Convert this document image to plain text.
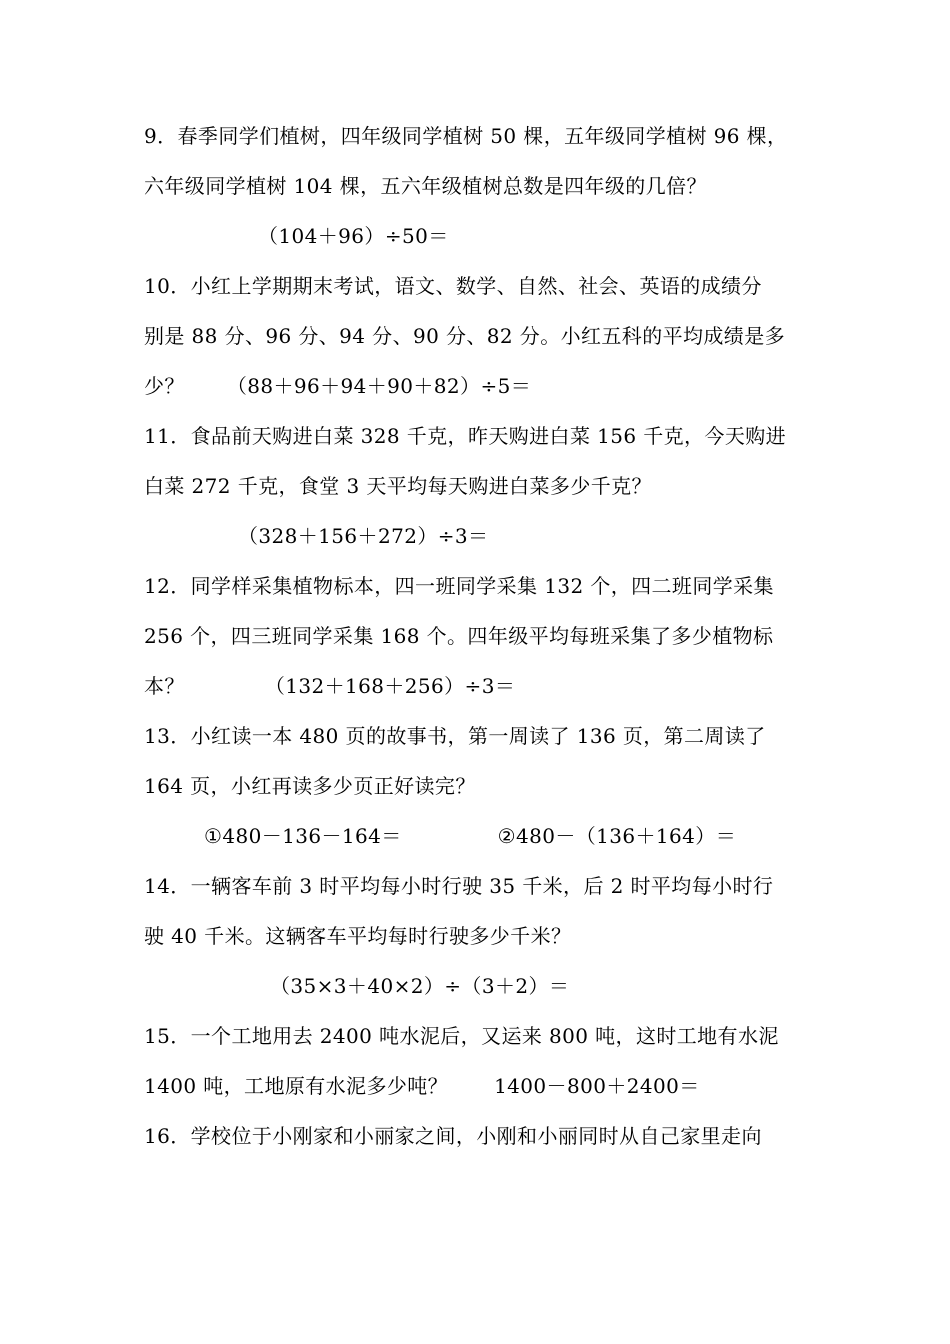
9．春季同学们植树，四年级同学植树 50 棵，五年级同学植树 96 棵，
六年级同学植树 104 棵，五六年级植树总数是四年级的几倍？
（104＋96）÷50＝
10．小红上学期期末考试，语文、数学、自然、社会、英语的成绩分
别是 88 分、96 分、94 分、90 分、82 分。小红五科的平均成绩是多
少？ （88＋96＋94＋90＋82）÷5＝
11．食品前天购进白菜 328 千克，昨天购进白菜 156 千克，今天购进
白菜 272 千克，食堂 3 天平均每天购进白菜多少千克？
（328＋156＋272）÷3＝
12．同学样采集植物标本，四一班同学采集 132 个，四二班同学采集
256 个，四三班同学采集 168 个。四年级平均每班采集了多少植物标
本？	（132＋168＋256）÷3＝
13．小红读一本 480 页的故事书，第一周读了 136 页，第二周读了
164 页，小红再读多少页正好读完？
①480－136－164＝	②480－（136＋164）＝
14．一辆客车前 3 时平均每小时行驶 35 千米，后 2 时平均每小时行
驶 40 千米。这辆客车平均每时行驶多少千米？
（35×3＋40×2）÷（3＋2）＝
15．一个工地用去 2400 吨水泥后，又运来 800 吨，这时工地有水泥
1400 吨，工地原有水泥多少吨？ 1400－800＋2400＝
16．学校位于小刚家和小丽家之间，小刚和小丽同时从自己家里走向
